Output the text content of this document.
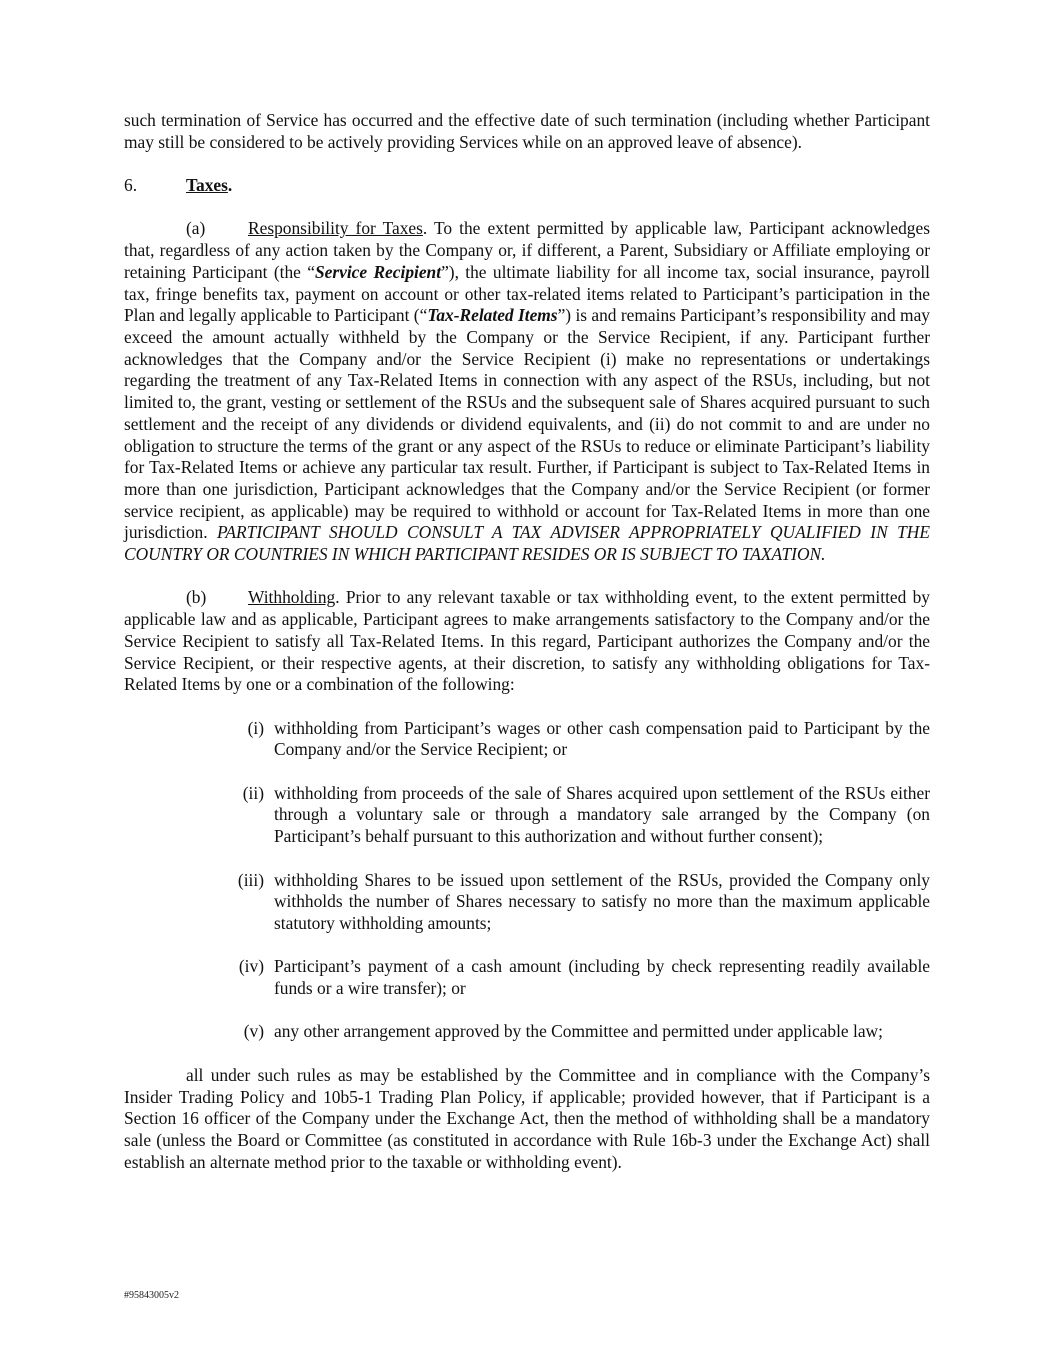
such termination of Service has occurred and the effective date of such termination (including whether Participant may still be considered to be actively providing Services while on an approved leave of absence).

6.	Taxes.

(a) Responsibility for Taxes. To the extent permitted by applicable law, Participant acknowledges that, regardless of any action taken by the Company or, if different, a Parent, Subsidiary or Affiliate employing or retaining Participant (the “Service Recipient”), the ultimate liability for all income tax, social insurance, payroll tax, fringe benefits tax, payment on account or other tax-related items related to Participant’s participation in the Plan and legally applicable to Participant (“Tax-Related Items”) is and remains Participant’s responsibility and may exceed the amount actually withheld by the Company or the Service Recipient, if any. Participant further acknowledges that the Company and/or the Service Recipient (i) make no representations or undertakings regarding the treatment of any Tax-Related Items in connection with any aspect of the RSUs, including, but not limited to, the grant, vesting or settlement of the RSUs and the subsequent sale of Shares acquired pursuant to such settlement and the receipt of any dividends or dividend equivalents, and (ii) do not commit to and are under no obligation to structure the terms of the grant or any aspect of the RSUs to reduce or eliminate Participant’s liability for Tax-Related Items or achieve any particular tax result. Further, if Participant is subject to Tax-Related Items in more than one jurisdiction, Participant acknowledges that the Company and/or the Service Recipient (or former service recipient, as applicable) may be required to withhold or account for Tax-Related Items in more than one jurisdiction. PARTICIPANT SHOULD CONSULT A TAX ADVISER APPROPRIATELY QUALIFIED IN THE COUNTRY OR COUNTRIES IN WHICH PARTICIPANT RESIDES OR IS SUBJECT TO TAXATION.

(b) Withholding. Prior to any relevant taxable or tax withholding event, to the extent permitted by applicable law and as applicable, Participant agrees to make arrangements satisfactory to the Company and/or the Service Recipient to satisfy all Tax-Related Items. In this regard, Participant authorizes the Company and/or the Service Recipient, or their respective agents, at their discretion, to satisfy any withholding obligations for Tax-Related Items by one or a combination of the following:

(i) withholding from Participant’s wages or other cash compensation paid to Participant by the Company and/or the Service Recipient; or

(ii) withholding from proceeds of the sale of Shares acquired upon settlement of the RSUs either through a voluntary sale or through a mandatory sale arranged by the Company (on Participant’s behalf pursuant to this authorization and without further consent);

(iii) withholding Shares to be issued upon settlement of the RSUs, provided the Company only withholds the number of Shares necessary to satisfy no more than the maximum applicable statutory withholding amounts;

(iv) Participant’s payment of a cash amount (including by check representing readily available funds or a wire transfer); or

(v) any other arrangement approved by the Committee and permitted under applicable law;

all under such rules as may be established by the Committee and in compliance with the Company’s Insider Trading Policy and 10b5-1 Trading Plan Policy, if applicable; provided however, that if Participant is a Section 16 officer of the Company under the Exchange Act, then the method of withholding shall be a mandatory sale (unless the Board or Committee (as constituted in accordance with Rule 16b-3 under the Exchange Act) shall establish an alternate method prior to the taxable or withholding event).

#95843005v2
